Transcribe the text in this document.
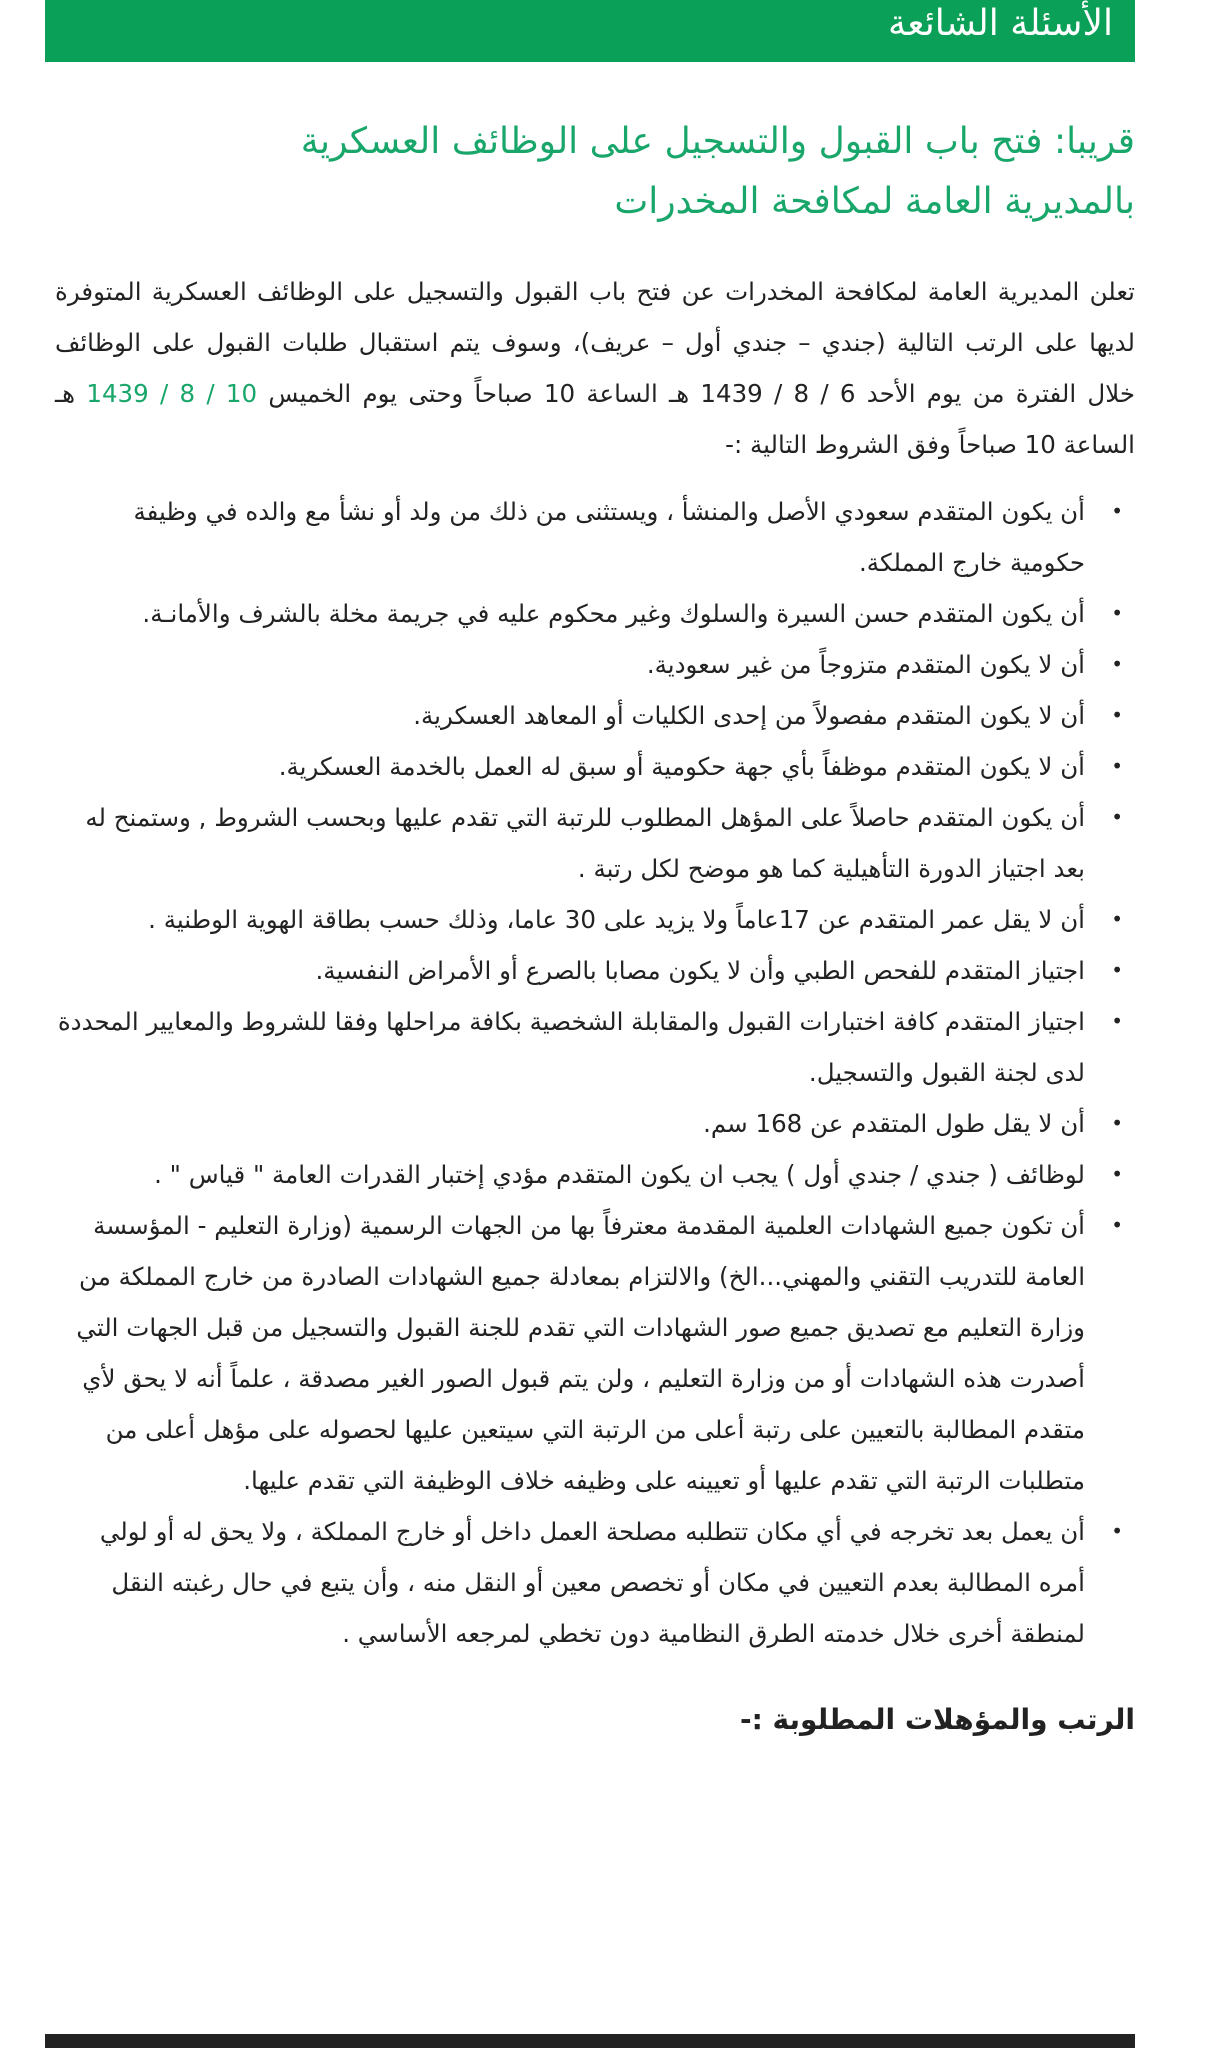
الأسئلة الشائعة
قريبا: فتح باب القبول والتسجيل على الوظائف العسكرية
بالمديرية العامة لمكافحة المخدرات

تعلن المديرية العامة لمكافحة المخدرات عن فتح باب القبول والتسجيل على الوظائف العسكرية المتوفرة لديها على الرتب التالية (جندي – جندي أول – عريف)، وسوف يتم استقبال طلبات القبول على الوظائف خلال الفترة من يوم الأحد 6 / 8 / 1439 هـ الساعة 10 صباحاً وحتى يوم الخميس 10 / 8 / 1439 هـ الساعة 10 صباحاً وفق الشروط التالية :-

•
أن يكون المتقدم سعودي الأصل والمنشأ ، ويستثنى من ذلك من ولد أو نشأ مع والده في وظيفة حكومية خارج المملكة.
•
أن يكون المتقدم حسن السيرة والسلوك وغير محكوم عليه في جريمة مخلة بالشرف والأمانـة.
•
أن لا يكون المتقدم متزوجاً من غير سعودية.
•
أن لا يكون المتقدم مفصولاً من إحدى الكليات أو المعاهد العسكرية.
•
أن لا يكون المتقدم موظفاً بأي جهة حكومية أو سبق له العمل بالخدمة العسكرية.
•
أن يكون المتقدم حاصلاً على المؤهل المطلوب للرتبة التي تقدم عليها وبحسب الشروط , وستمنح له بعد اجتياز الدورة التأهيلية كما هو موضح لكل رتبة .
•
أن لا يقل عمر المتقدم عن 17عاماً ولا يزيد على 30 عاما، وذلك حسب بطاقة الهوية الوطنية .
•
اجتياز المتقدم للفحص الطبي وأن لا يكون مصابا بالصرع أو الأمراض النفسية.
•
اجتياز المتقدم كافة اختبارات القبول والمقابلة الشخصية بكافة مراحلها وفقا للشروط والمعايير المحددة لدى لجنة القبول والتسجيل.
•
أن لا يقل طول المتقدم عن 168 سم.
•
لوظائف ( جندي / جندي أول ) يجب ان يكون المتقدم مؤدي إختبار القدرات العامة " قياس " .
•
أن تكون جميع الشهادات العلمية المقدمة معترفاً بها من الجهات الرسمية (وزارة التعليم - المؤسسة العامة للتدريب التقني والمهني...الخ) والالتزام بمعادلة جميع الشهادات الصادرة من خارج المملكة من وزارة التعليم مع تصديق جميع صور الشهادات التي تقدم للجنة القبول والتسجيل من قبل الجهات التي أصدرت هذه الشهادات أو من وزارة التعليم ، ولن يتم قبول الصور الغير مصدقة ، علماً أنه لا يحق لأي متقدم المطالبة بالتعيين على رتبة أعلى من الرتبة التي سيتعين عليها لحصوله على مؤهل أعلى من متطلبات الرتبة التي تقدم عليها أو تعيينه على وظيفه خلاف الوظيفة التي تقدم عليها.
•
أن يعمل بعد تخرجه في أي مكان تتطلبه مصلحة العمل داخل أو خارج المملكة ، ولا يحق له أو لولي أمره المطالبة بعدم التعيين في مكان أو تخصص معين أو النقل منه ، وأن يتبع في حال رغبته النقل لمنطقة أخرى خلال خدمته الطرق النظامية دون تخطي لمرجعه الأساسي .
الرتب والمؤهلات المطلوبة :-
